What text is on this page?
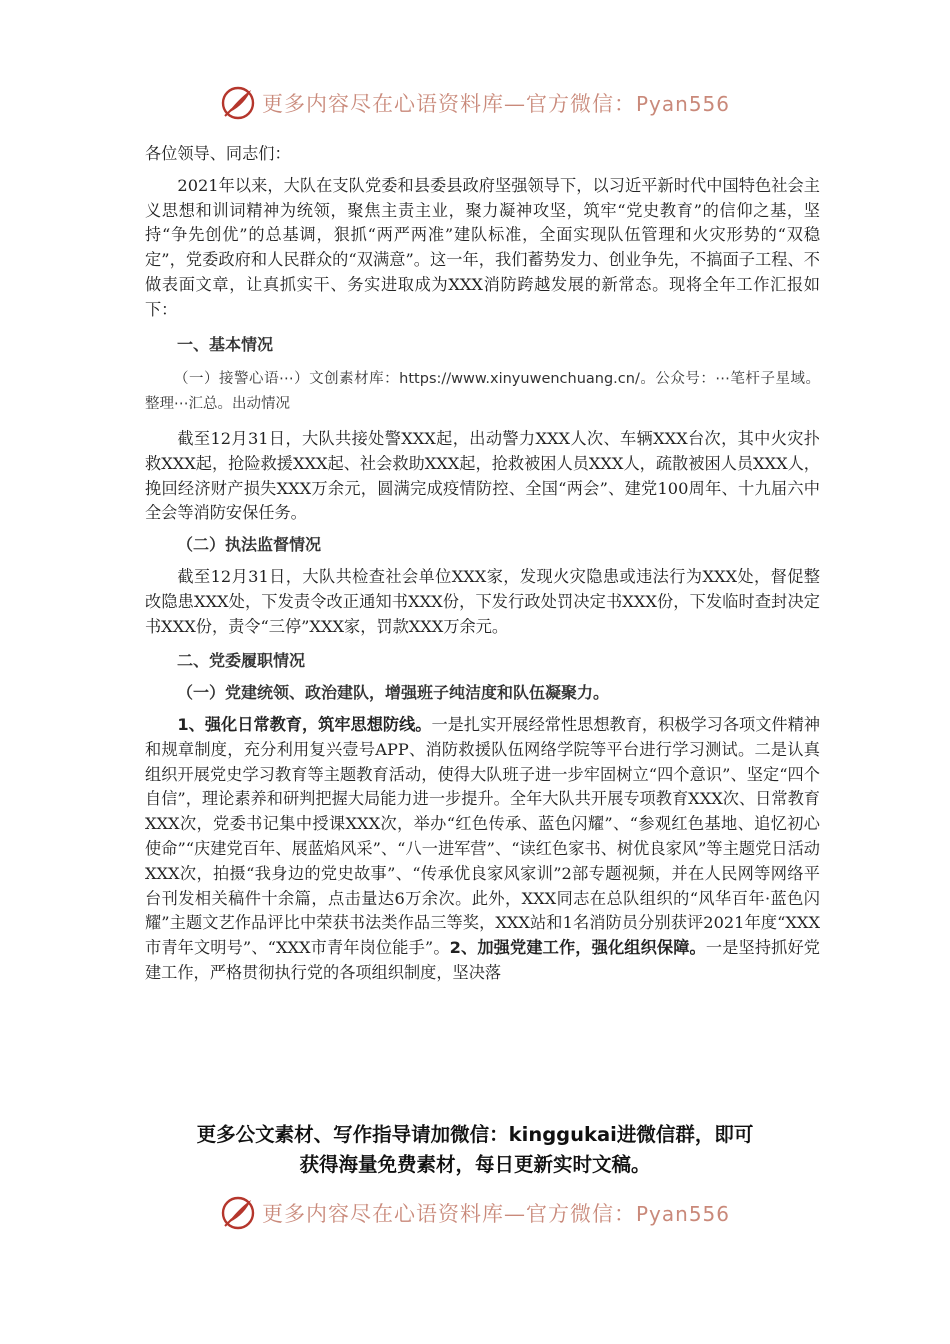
更多内容尽在心语资料库—官方微信：Pyan556

各位领导、同志们：

2021年以来，大队在支队党委和县委县政府坚强领导下，以习近平新时代中国特色社会主义思想和训词精神为统领，聚焦主责主业，聚力凝神攻坚，筑牢“党史教育”的信仰之基，坚持“争先创优”的总基调，狠抓“两严两准”建队标准，全面实现队伍管理和火灾形势的“双稳定”，党委政府和人民群众的“双满意”。这一年，我们蓄势发力、创业争先，不搞面子工程、不做表面文章，让真抓实干、务实进取成为XXX消防跨越发展的新常态。现将全年工作汇报如下：

一、基本情况

（一）接警心语⋯）文创素材库：https://www.xinyuwenchuang.cn/。公众号：⋯笔杆子星域。整理⋯汇总。出动情况

截至12月31日，大队共接处警XXX起，出动警力XXX人次、车辆XXX台次，其中火灾扑救XXX起，抢险救援XXX起、社会救助XXX起，抢救被困人员XXX人，疏散被困人员XXX人，挽回经济财产损失XXX万余元，圆满完成疫情防控、全国“两会”、建党100周年、十九届六中全会等消防安保任务。

（二）执法监督情况

截至12月31日，大队共检查社会单位XXX家，发现火灾隐患或违法行为XXX处，督促整改隐患XXX处，下发责令改正通知书XXX份，下发行政处罚决定书XXX份，下发临时查封决定书XXX份，责令“三停”XXX家，罚款XXX万余元。

二、党委履职情况

（一）党建统领、政治建队，增强班子纯洁度和队伍凝聚力。

1、强化日常教育，筑牢思想防线。一是扎实开展经常性思想教育，积极学习各项文件精神和规章制度，充分利用复兴壹号APP、消防救援队伍网络学院等平台进行学习测试。二是认真组织开展党史学习教育等主题教育活动，使得大队班子进一步牢固树立“四个意识”、坚定“四个自信”，理论素养和研判把握大局能力进一步提升。全年大队共开展专项教育XXX次、日常教育XXX次，党委书记集中授课XXX次，举办“红色传承、蓝色闪耀”、“参观红色基地、追忆初心使命”“庆建党百年、展蓝焰风采”、“八一进军营”、“读红色家书、树优良家风”等主题党日活动XXX次，拍摄“我身边的党史故事”、“传承优良家风家训”2部专题视频，并在人民网等网络平台刊发相关稿件十余篇，点击量达6万余次。此外，XXX同志在总队组织的“风华百年·蓝色闪耀”主题文艺作品评比中荣获书法类作品三等奖，XXX站和1名消防员分别获评2021年度“XXX市青年文明号”、“XXX市青年岗位能手”。2、加强党建工作，强化组织保障。一是坚持抓好党建工作，严格贯彻执行党的各项组织制度，坚决落

更多公文素材、写作指导请加微信：kinggukai进微信群，即可
获得海量免费素材，每日更新实时文稿。
更多内容尽在心语资料库—官方微信：Pyan556
